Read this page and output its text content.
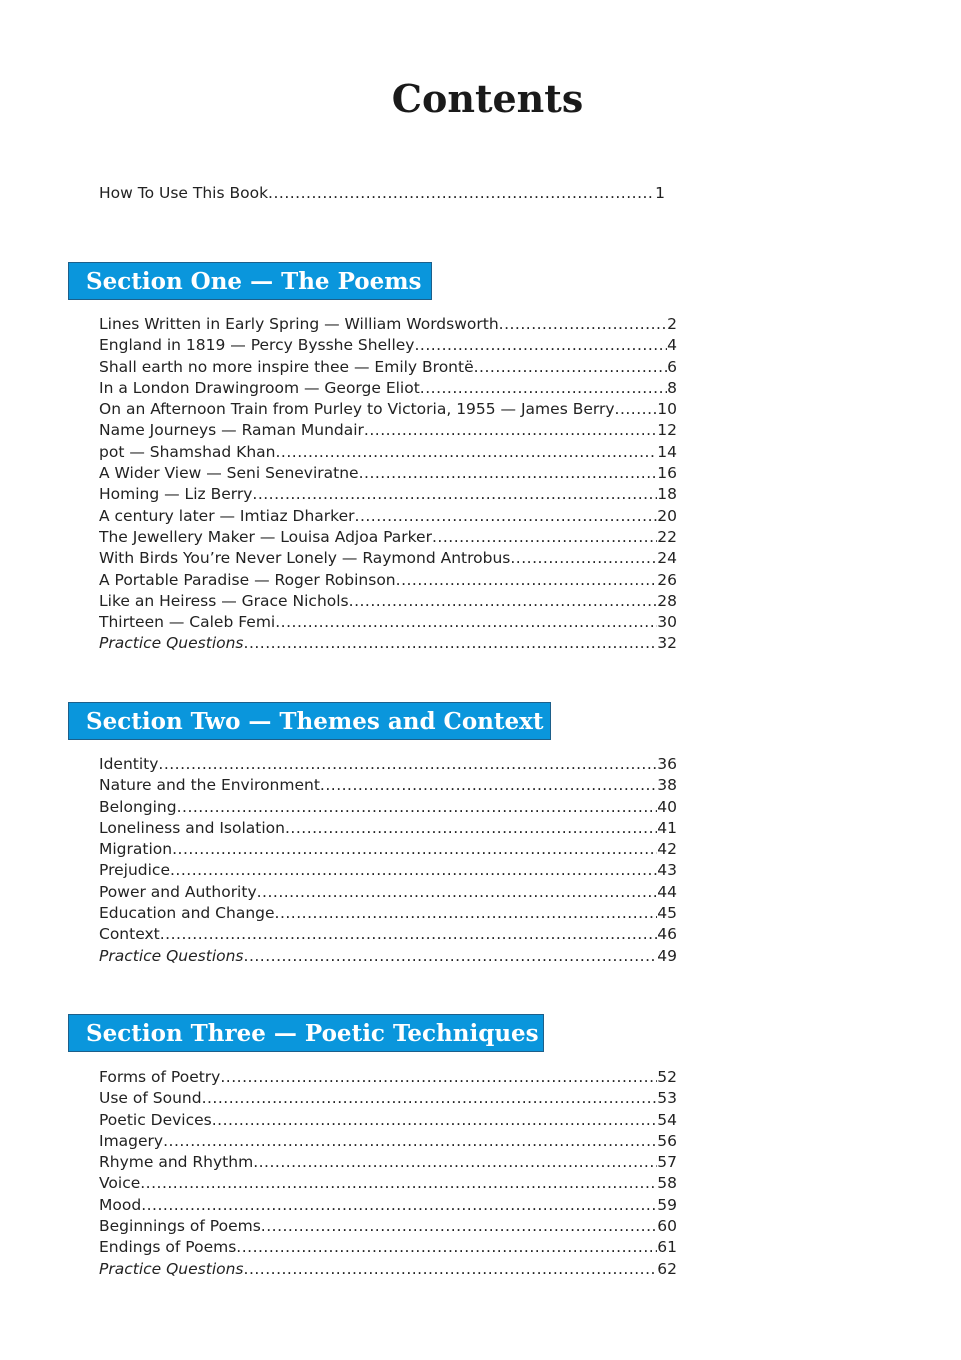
Contents
How To Use This Book .....	1
Section One — The Poems
Lines Written in Early Spring — William Wordsworth .....	2
England in 1819 — Percy Bysshe Shelley .....	4
Shall earth no more inspire thee — Emily Brontë .....	6
In a London Drawingroom — George Eliot .....	8
On an Afternoon Train from Purley to Victoria, 1955 — James Berry .....	10
Name Journeys — Raman Mundair .....	12
pot — Shamshad Khan .....	14
A Wider View — Seni Seneviratne .....	16
Homing — Liz Berry .....	18
A century later — Imtiaz Dharker .....	20
The Jewellery Maker — Louisa Adjoa Parker .....	22
With Birds You’re Never Lonely — Raymond Antrobus .....	24
A Portable Paradise — Roger Robinson .....	26
Like an Heiress — Grace Nichols .....	28
Thirteen — Caleb Femi .....	30
Practice Questions .....	32
Section Two — Themes and Context
Identity .....	36
Nature and the Environment .....	38
Belonging .....	40
Loneliness and Isolation .....	41
Migration .....	42
Prejudice .....	43
Power and Authority .....	44
Education and Change .....	45
Context .....	46
Practice Questions .....	49
Section Three — Poetic Techniques
Forms of Poetry .....	52
Use of Sound .....	53
Poetic Devices .....	54
Imagery .....	56
Rhyme and Rhythm .....	57
Voice .....	58
Mood .....	59
Beginnings of Poems .....	60
Endings of Poems .....	61
Practice Questions .....	62
